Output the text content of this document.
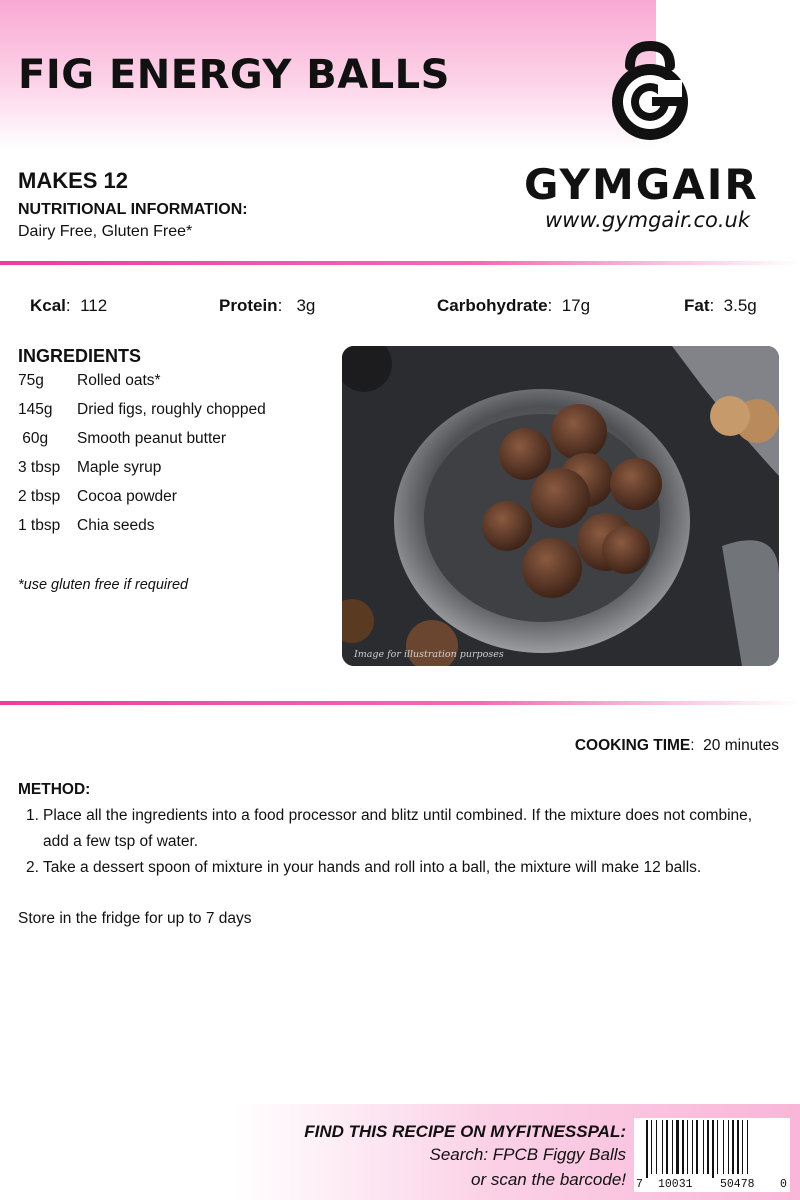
FIG ENERGY BALLS
GYMGAIR
www.gymgair.co.uk
MAKES 12
NUTRITIONAL INFORMATION:
Dairy Free, Gluten Free*
Kcal:  112	Protein:   3g	Carbohydrate:  17g	Fat:  3.5g
INGREDIENTS
75g Rolled oats*
145g Dried figs, roughly chopped
60g Smooth peanut butter
3 tbsp Maple syrup
2 tbsp Cocoa powder
1 tbsp Chia seeds
*use gluten free if required
Image for illustration purposes
COOKING TIME:  20 minutes
METHOD:
1. Place all the ingredients into a food processor and blitz until combined. If the mixture does not combine, add a few tsp of water.
2. Take a dessert spoon of mixture in your hands and roll into a ball, the mixture will make 12 balls.
Store in the fridge for up to 7 days
FIND THIS RECIPE ON MYFITNESSPAL:
Search: FPCB Figgy Balls
or scan the barcode! 7 10031 50478 0
